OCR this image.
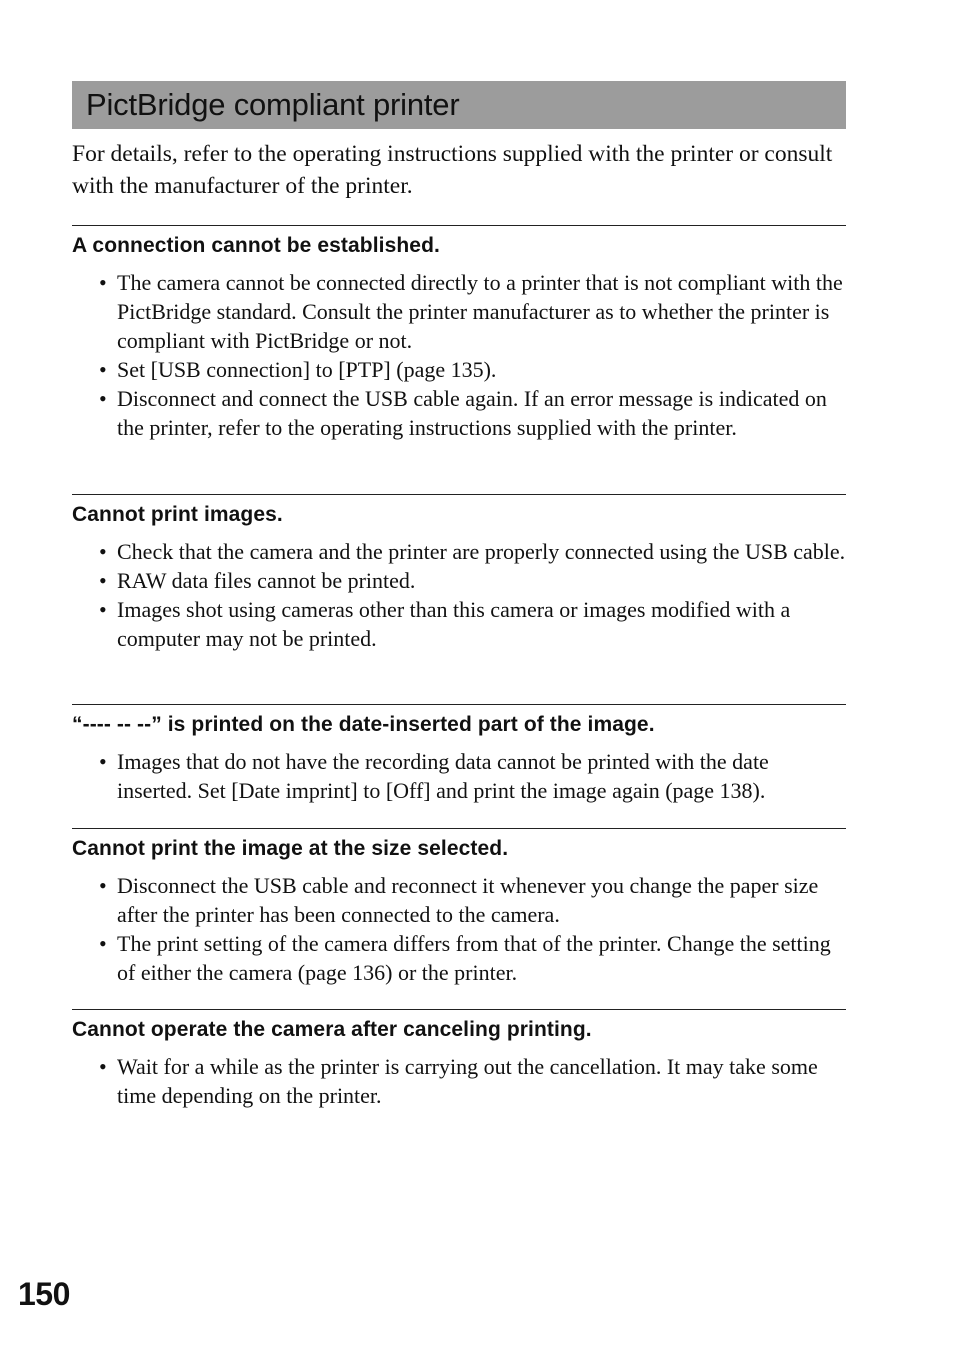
PictBridge compliant printer

For details, refer to the operating instructions supplied with the printer or consult with the manufacturer of the printer.

A connection cannot be established.
• The camera cannot be connected directly to a printer that is not compliant with the PictBridge standard. Consult the printer manufacturer as to whether the printer is compliant with PictBridge or not.
• Set [USB connection] to [PTP] (page 135).
• Disconnect and connect the USB cable again. If an error message is indicated on the printer, refer to the operating instructions supplied with the printer.
Cannot print images.
• Check that the camera and the printer are properly connected using the USB cable.
• RAW data files cannot be printed.
• Images shot using cameras other than this camera or images modified with a computer may not be printed.
“---- -- --” is printed on the date-inserted part of the image.
• Images that do not have the recording data cannot be printed with the date inserted. Set [Date imprint] to [Off] and print the image again (page 138).
Cannot print the image at the size selected.
• Disconnect the USB cable and reconnect it whenever you change the paper size after the printer has been connected to the camera.
• The print setting of the camera differs from that of the printer. Change the setting of either the camera (page 136) or the printer.
Cannot operate the camera after canceling printing.
• Wait for a while as the printer is carrying out the cancellation. It may take some time depending on the printer.
150
